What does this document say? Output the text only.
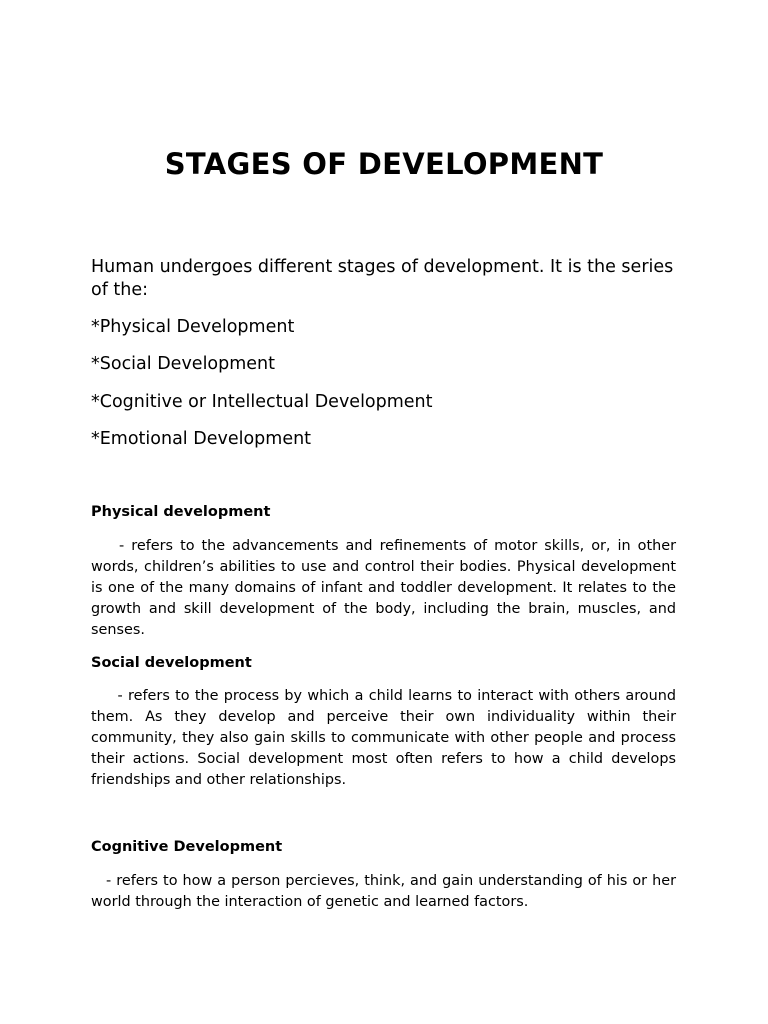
STAGES OF DEVELOPMENT
Human undergoes different stages of development. It is the series of the:
*Physical Development
*Social Development
*Cognitive or Intellectual Development
*Emotional Development
Physical development
- refers to the advancements and refinements of motor skills, or, in other words, children’s abilities to use and control their bodies. Physical development is one of the many domains of infant and toddler development. It relates to the growth and skill development of the body, including the brain, muscles, and senses.
Social development
- refers to the process by which a child learns to interact with others around them. As they develop and perceive their own individuality within their community, they also gain skills to communicate with other people and process their actions. Social development most often refers to how a child develops friendships and other relationships.
Cognitive Development
- refers to how a person percieves, think, and gain understanding of his or her world through the interaction of genetic and learned factors.
